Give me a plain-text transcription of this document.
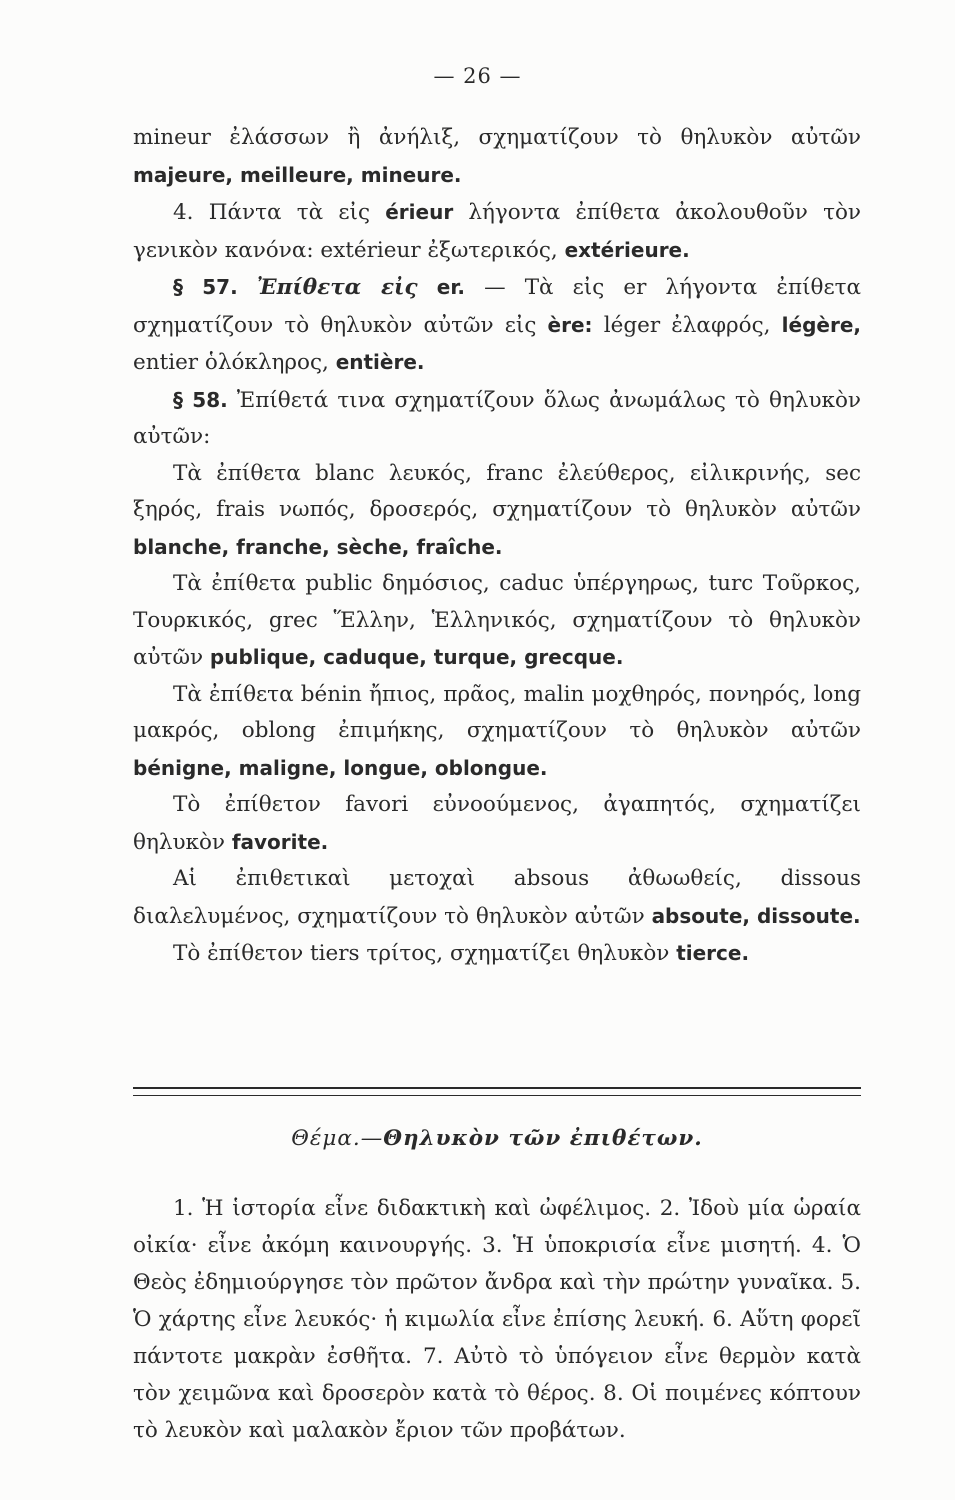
— 26 —

mineur ἐλάσσων ἢ ἀνήλιξ, σχηματίζουν τὸ θηλυκὸν αὐτῶν majeure, meilleure, mineure.

4. Πάντα τὰ εἰς érieur λήγοντα ἐπίθετα ἀκολουθοῦν τὸν γενικὸν κανόνα: extérieur ἐξωτερικός, extérieure.

§ 57. Ἐπίθετα εἰς er. — Τὰ εἰς er λήγοντα ἐπίθετα σχηματίζουν τὸ θηλυκὸν αὐτῶν εἰς ère: léger ἐλαφρός, légère, entier ὁλόκληρος, entière.

§ 58. Ἐπίθετά τινα σχηματίζουν ὅλως ἀνωμάλως τὸ θηλυκὸν αὐτῶν:

Τὰ ἐπίθετα blanc λευκός, franc ἐλεύθερος, εἰλικρινής, sec ξηρός, frais νωπός, δροσερός, σχηματίζουν τὸ θηλυκὸν αὐτῶν blanche, franche, sèche, fraîche.

Τὰ ἐπίθετα public δημόσιος, caduc ὑπέργηρως, turc Τοῦρκος, Τουρκικός, grec Ἕλλην, Ἑλληνικός, σχηματίζουν τὸ θηλυκὸν αὐτῶν publique, caduque, turque, grecque.

Τὰ ἐπίθετα bénin ἤπιος, πρᾶος, malin μοχθηρός, πονηρός, long μακρός, oblong ἐπιμήκης, σχηματίζουν τὸ θηλυκὸν αὐτῶν bénigne, maligne, longue, oblongue.

Τὸ ἐπίθετον favori εὐνοούμενος, ἀγαπητός, σχηματίζει θηλυκὸν favorite.

Αἱ ἐπιθετικαὶ μετοχαὶ absous ἀθωωθείς, dissous διαλελυμένος, σχηματίζουν τὸ θηλυκὸν αὐτῶν absoute, dissoute.

Τὸ ἐπίθετον tiers τρίτος, σχηματίζει θηλυκὸν tierce.

Θέμα.—Θηλυκὸν τῶν ἐπιθέτων.

1. Ἡ ἱστορία εἶνε διδακτικὴ καὶ ὠφέλιμος. 2. Ἰδοὺ μία ὡραία οἰκία· εἶνε ἀκόμη καινουργής. 3. Ἡ ὑποκρισία εἶνε μισητή. 4. Ὁ Θεὸς ἐδημιούργησε τὸν πρῶτον ἄνδρα καὶ τὴν πρώτην γυναῖκα. 5. Ὁ χάρτης εἶνε λευκός· ἡ κιμωλία εἶνε ἐπίσης λευκή. 6. Αὕτη φορεῖ πάντοτε μακρὰν ἐσθῆτα. 7. Αὐτὸ τὸ ὑπόγειον εἶνε θερμὸν κατὰ τὸν χειμῶνα καὶ δροσερὸν κατὰ τὸ θέρος. 8. Οἱ ποιμένες κόπτουν τὸ λευκὸν καὶ μαλακὸν ἔριον τῶν προβάτων.
